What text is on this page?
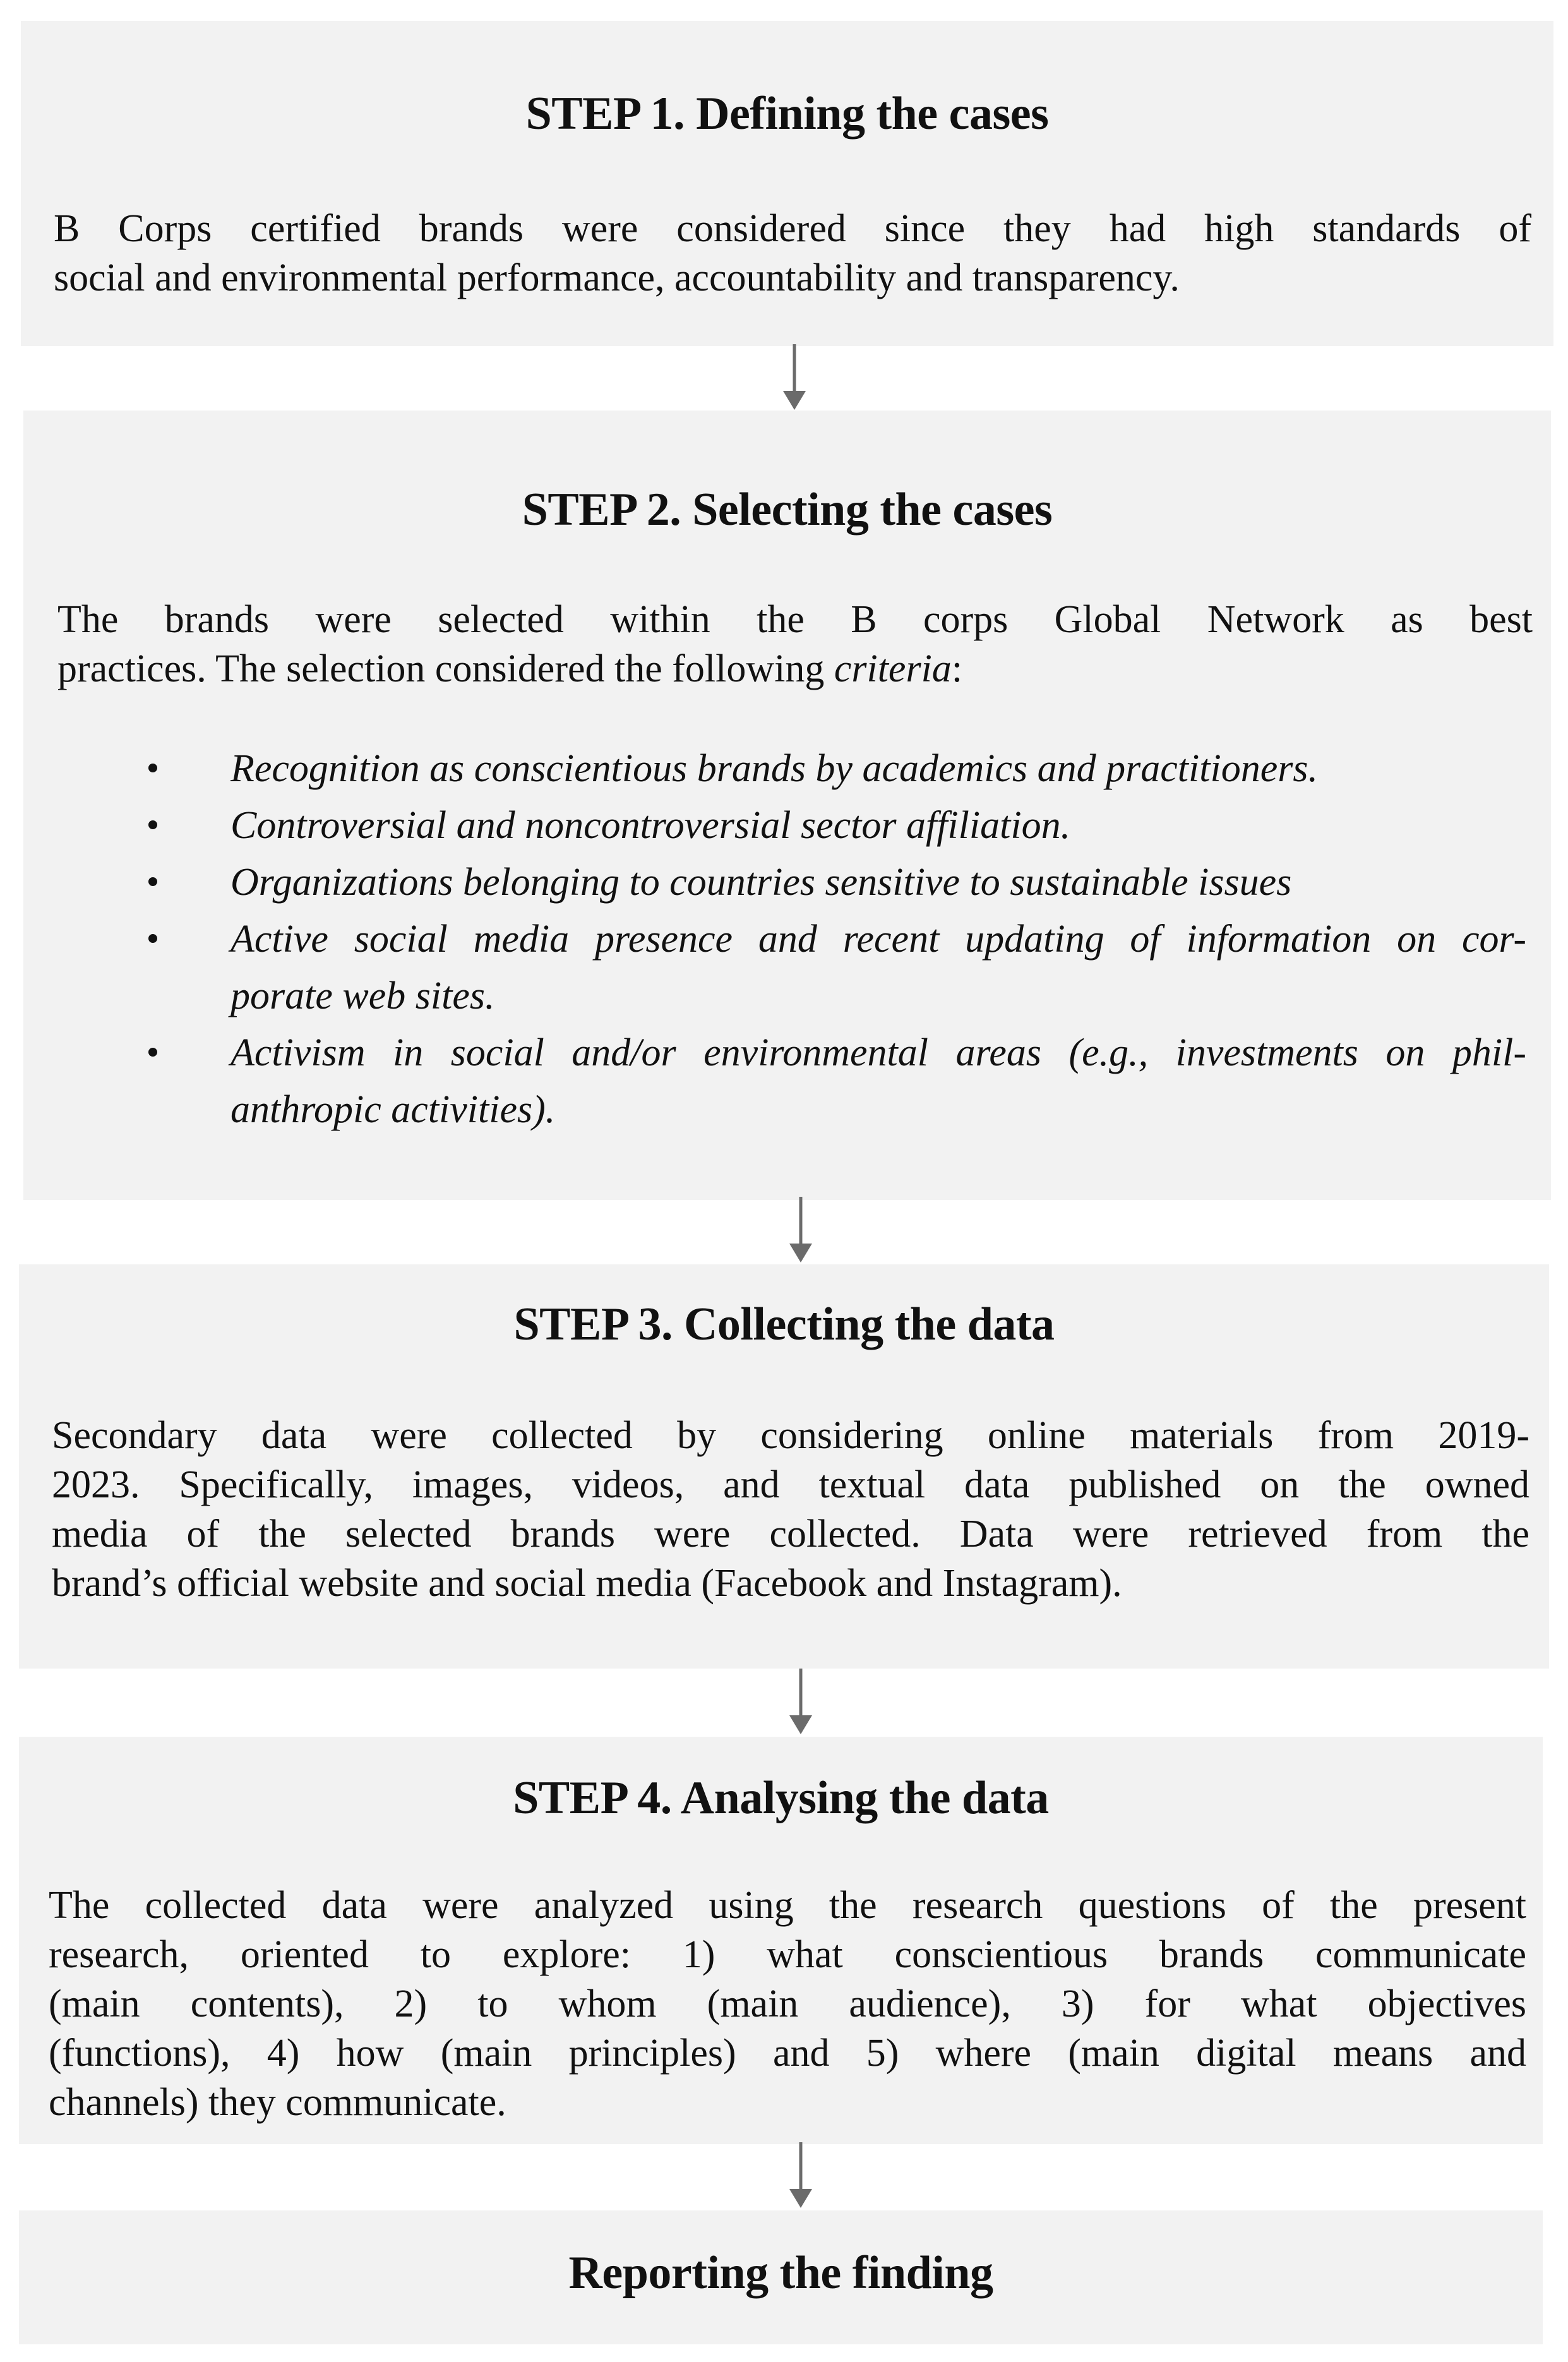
STEP 1. Defining the cases
B Corps certified brands were considered since they had high standards of
social and environmental performance, accountability and transparency.
STEP 2. Selecting the cases
The brands were selected within the B corps Global Network as best
practices. The selection considered the following criteria:
Recognition as conscientious brands by academics and practitioners.
Controversial and noncontroversial sector affiliation.
Organizations belonging to countries sensitive to sustainable issues
Active social media presence and recent updating of information on cor-
porate web sites.
Activism in social and/or environmental areas (e.g., investments on phil-
anthropic activities).
STEP 3. Collecting the data
Secondary data were collected by considering online materials from 2019-
2023. Specifically, images, videos, and textual data published on the owned
media of the selected brands were collected. Data were retrieved from the
brand’s official website and social media (Facebook and Instagram).
STEP 4. Analysing the data
The collected data were analyzed using the research questions of the present
research, oriented to explore: 1) what conscientious brands communicate
(main contents), 2) to whom (main audience), 3) for what objectives
(functions), 4) how (main principles) and 5) where (main digital means and
channels) they communicate.
Reporting the finding
